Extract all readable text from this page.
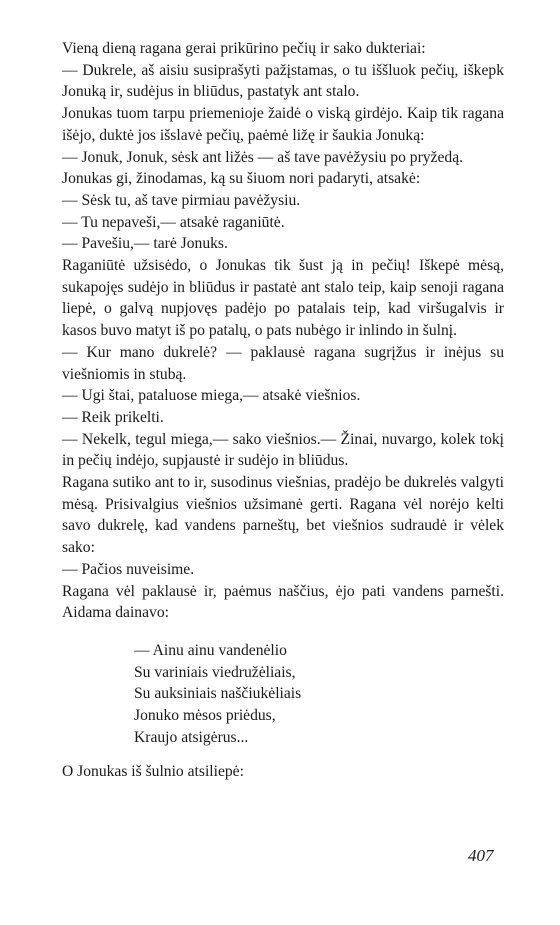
Vieną dieną ragana gerai prikūrino pečių ir sako dukteriai:

— Dukrele, aš aisiu susiprašyti pažįstamas, o tu iššluok pečių, iškepk Jonuką ir, sudėjus in bliūdus, pastatyk ant stalo.

Jonukas tuom tarpu priemenioje žaidė o viską girdėjo. Kaip tik ragana išėjo, duktė jos išslavė pečių, paėmė ližę ir šaukia Jonuką:

— Jonuk, Jonuk, sėsk ant ližės — aš tave pavėžysiu po pryžedą.

Jonukas gi, žinodamas, ką su šiuom nori padaryti, atsakė:

— Sėsk tu, aš tave pirmiau pavėžysiu.

— Tu nepaveši,— atsakė raganiūtė.

— Pavešiu,— tarė Jonuks.

Raganiūtė užsisėdo, o Jonukas tik šust ją in pečių! Iškepė mėsą, sukapojęs sudėjo in bliūdus ir pastatė ant stalo teip, kaip senoji ragana liepė, o galvą nupjovęs padėjo po patalais teip, kad viršugalvis ir kasos buvo matyt iš po patalų, o pats nubėgo ir inlindo in šulnį.

— Kur mano dukrelė? — paklausė ragana sugrįžus ir inėjus su viešniomis in stubą.

— Ugi štai, pataluose miega,— atsakė viešnios.

— Reik prikelti.

— Nekelk, tegul miega,— sako viešnios.— Žinai, nuvargo, kolek tokį in pečių indėjo, supjaustė ir sudėjo in bliūdus.

Ragana sutiko ant to ir, susodinus viešnias, pradėjo be dukrelės valgyti mėsą. Prisivalgius viešnios užsimanė gerti. Ragana vėl norėjo kelti savo dukrelę, kad vandens parneštų, bet viešnios sudraudė ir vėlek sako:

— Pačios nuveisime.

Ragana vėl paklausė ir, paėmus naščius, ėjo pati vandens parnešti. Aidama dainavo:

— Ainu ainu vandenėlio
Su variniais viedružėliais,
Su auksiniais naščiukėliais
Jonuko mėsos priėdus,
Kraujo atsigėrus...

O Jonukas iš šulnio atsiliepė:

407
